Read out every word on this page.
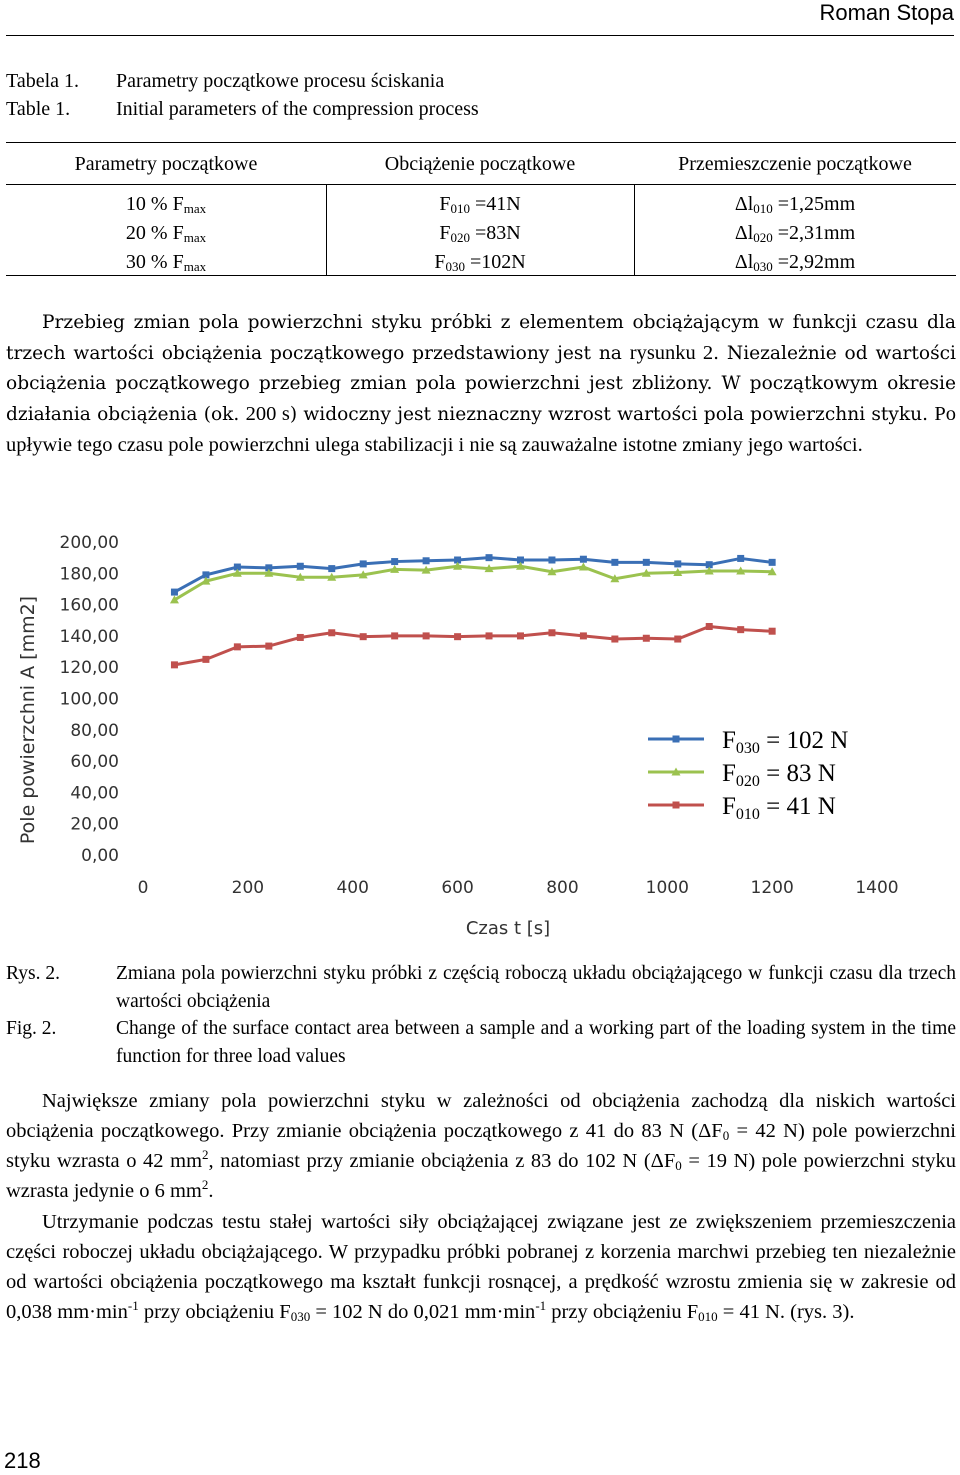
Roman Stopa
Tabela 1.	Parametry początkowe procesu ściskania
Table 1.	Initial parameters of the compression process
Parametry początkowe	Obciążenie początkowe	Przemieszczenie początkowe
10 % $F_{max}$	$F_{010} =41N$	$\Delta l_{010} =1,25mm$
20 % $F_{max}$	$F_{020} =83N$	$\Delta l_{020} =2,31mm$
30 % $F_{max}$	$F_{030} =102N$	$\Delta l_{030} =2,92mm$

Przebieg zmian pola powierzchni styku próbki z elementem obciążającym w funkcji czasu dla trzech wartości obciążenia początkowego przedstawiony jest na rysunku 2. Niezależnie od wartości obciążenia początkowego przebieg zmian pola powierzchni jest zbliżony. W początkowym okresie działania obciążenia (ok. 200 s) widoczny jest nieznaczny wzrost wartości pola powierzchni styku. Po upływie tego czasu pole powierzchni ulega stabilizacji i nie są zauważalne istotne zmiany jego wartości.

0,00
20,00
40,00
60,00
80,00
100,00
120,00
140,00
160,00
180,00
200,00
0	200	400	600	800	1000	1200	1400
Pole powierzchni A [mm2]
Czas t [s]
$F_{030} = 102$ N
$F_{020} = 83$ N
$F_{010} = 41$ N
Rys. 2.	Zmiana pola powierzchni styku próbki z częścią roboczą układu obciążającego w funkcji czasu dla trzech wartości obciążenia
Fig. 2.	Change of the surface contact area between a sample and a working part of the loading system in the time function for three load values

Największe zmiany pola powierzchni styku w zależności od obciążenia zachodzą dla niskich wartości obciążenia początkowego. Przy zmianie obciążenia początkowego z 41 do 83 N ($\Delta F_0 = 42$ N) pole powierzchni styku wzrasta o 42 $mm^2$, natomiast przy zmianie obciążenia z 83 do 102 N ($\Delta F_0 = 19$ N) pole powierzchni styku wzrasta jedynie o 6 $mm^2$.

Utrzymanie podczas testu stałej wartości siły obciążającej związane jest ze zwiększeniem przemieszczenia części roboczej układu obciążającego. W przypadku próbki pobranej z korzenia marchwi przebieg ten niezależnie od wartości obciążenia początkowego ma kształt funkcji rosnącej, a prędkość wzrostu zmienia się w zakresie od 0,038 $mm\cdot\min^{-1}$ przy obciążeniu $F_{030} = 102$ N do 0,021 $mm\cdot\min^{-1}$ przy obciążeniu $F_{010} = 41$ N. (rys. 3).

218
